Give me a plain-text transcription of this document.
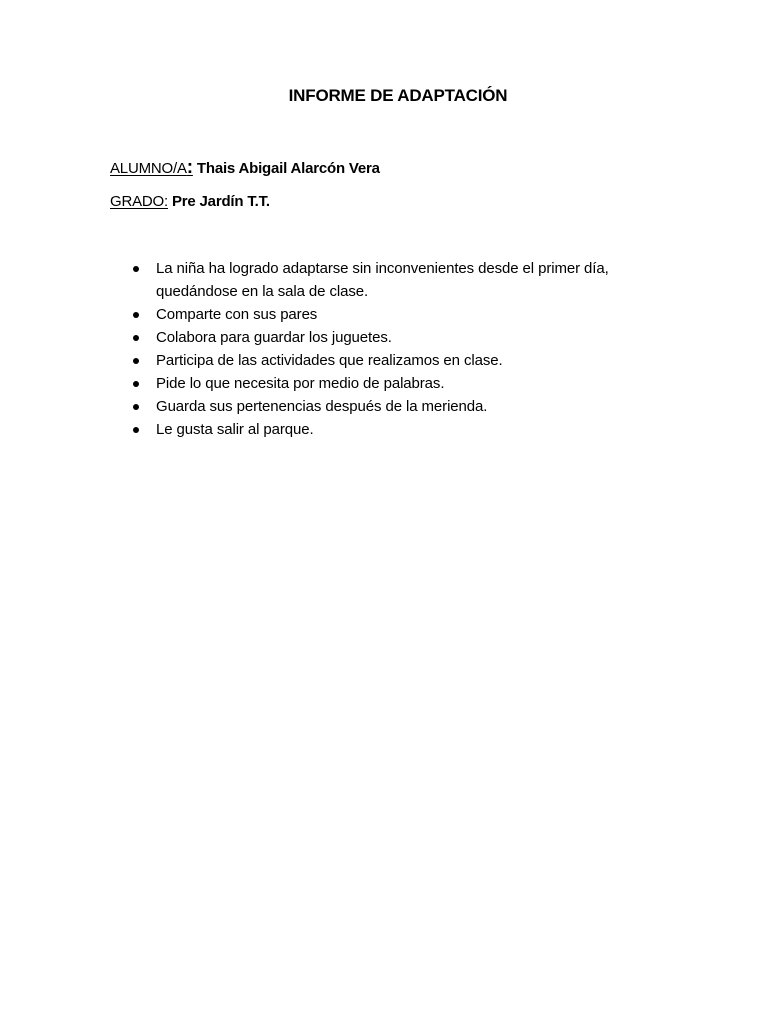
INFORME DE ADAPTACIÓN
ALUMNO/A: Thais Abigail Alarcón Vera
GRADO: Pre Jardín T.T.
La niña ha logrado adaptarse sin inconvenientes desde el primer día, quedándose en la sala de clase.
Comparte con sus pares
Colabora para guardar los juguetes.
Participa de las actividades que realizamos en clase.
Pide lo que necesita por medio de palabras.
Guarda sus pertenencias después de la merienda.
Le gusta salir al parque.
